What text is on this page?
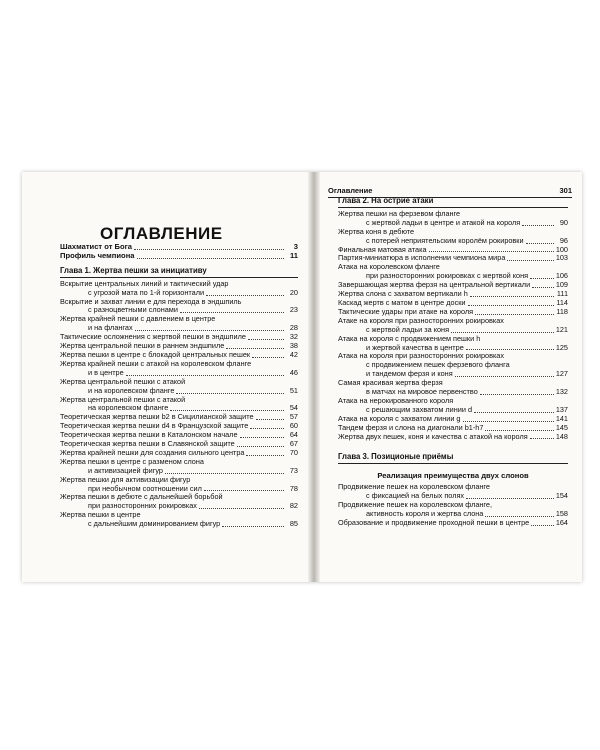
ОГЛАВЛЕНИЕ
Шахматист от Бога	3
Профиль чемпиона	11
Глава 1. Жертва пешки за инициативу
Вскрытие центральных линий и тактический удар
с угрозой мата по 1-й горизонтали	20
Вскрытие и захват линии е для перехода в эндшпиль
с разноцветными слонами	23
Жертва крайней пешки с давлением в центре
и на флангах	28
Тактические осложнения с жертвой пешки в эндшпиле	32
Жертва центральной пешки в раннем эндшпиле	38
Жертва пешки в центре с блокадой центральных пешек	42
Жертва крайней пешки с атакой на королевском фланге
и в центре	46
Жертва центральной пешки с атакой
и на королевском фланге	51
Жертва центральной пешки с атакой
на королевском фланге	54
Теоретическая жертва пешки b2 в Сицилианской защите	57
Теоретическая жертва пешки d4 в Французской защите	60
Теоретическая жертва пешки в Каталонском начале	64
Теоретическая жертва пешки в Славянской защите	67
Жертва крайней пешки для создания сильного центра	70
Жертва пешки в центре с разменом слона
и активизацией фигур	73
Жертва пешки для активизации фигур
при необычном соотношении сил	78
Жертва пешки в дебюте с дальнейшей борьбой
при разносторонних рокировках	82
Жертва пешки в центре
с дальнейшим доминированием фигур	85
Оглавление	301
Глава 2. На острие атаки
Жертва пешки на ферзевом фланге
с жертвой ладьи в центре и атакой на короля	90
Жертва коня в дебюте
с потерей неприятельским королём рокировки	96
Финальная матовая атака	100
Партия-миниатюра в исполнении чемпиона мира	103
Атака на королевском фланге
при разносторонних рокировках с жертвой коня	106
Завершающая жертва ферзя на центральной вертикали	109
Жертва слона с захватом вертикали h	111
Каскад жертв с матом в центре доски	114
Тактические удары при атаке на короля	118
Атаке на короля при разносторонних рокировках
с жертвой ладьи за коня	121
Атака на короля с продвижением пешки h
и жертвой качества в центре	125
Атака на короля при разносторонних рокировках
с продвижением пешек ферзевого фланга
и тандемом ферзя и коня	127
Самая красивая жертва ферзя
в матчах на мировое первенство	132
Атака на нерокированного короля
с решающим захватом линии d	137
Атака на короля с захватом линии g	141
Тандем ферзя и слона на диагонали b1-h7	145
Жертва двух пешек, коня и качества с атакой на короля	148
Глава 3. Позиционые приёмы
Реализация преимущества двух слонов
Продвижение пешек на королевском фланге
с фиксацией на белых полях	154
Продвижение пешек на королевском фланге,
активность короля и жертва слона	158
Образование и продвижение проходной пешки в центре	164
